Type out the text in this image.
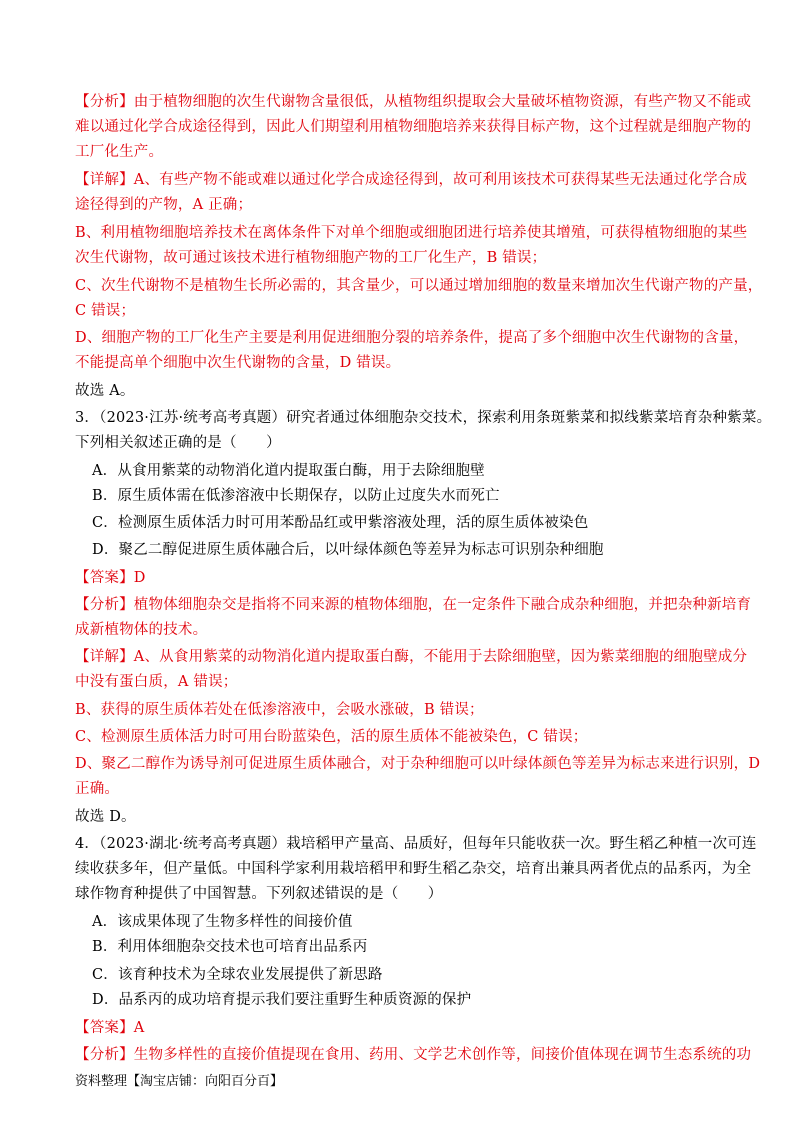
【分析】由于植物细胞的次生代谢物含量很低，从植物组织提取会大量破坏植物资源，有些产物又不能或
难以通过化学合成途径得到，因此人们期望利用植物细胞培养来获得目标产物，这个过程就是细胞产物的
工厂化生产。
【详解】A、有些产物不能或难以通过化学合成途径得到，故可利用该技术可获得某些无法通过化学合成
途径得到的产物，A 正确；
B、利用植物细胞培养技术在离体条件下对单个细胞或细胞团进行培养使其增殖，可获得植物细胞的某些
次生代谢物，故可通过该技术进行植物细胞产物的工厂化生产，B 错误；
C、次生代谢物不是植物生长所必需的，其含量少，可以通过增加细胞的数量来增加次生代谢产物的产量，
C 错误；
D、细胞产物的工厂化生产主要是利用促进细胞分裂的培养条件，提高了多个细胞中次生代谢物的含量，
不能提高单个细胞中次生代谢物的含量，D 错误。
故选 A。
3．（2023·江苏·统考高考真题）研究者通过体细胞杂交技术，探索利用条斑紫菜和拟线紫菜培育杂种紫菜。
下列相关叙述正确的是（　　）
A．从食用紫菜的动物消化道内提取蛋白酶，用于去除细胞壁
B．原生质体需在低渗溶液中长期保存，以防止过度失水而死亡
C．检测原生质体活力时可用苯酚品红或甲紫溶液处理，活的原生质体被染色
D．聚乙二醇促进原生质体融合后，以叶绿体颜色等差异为标志可识别杂种细胞
【答案】D
【分析】植物体细胞杂交是指将不同来源的植物体细胞，在一定条件下融合成杂种细胞，并把杂种新培育
成新植物体的技术。
【详解】A、从食用紫菜的动物消化道内提取蛋白酶，不能用于去除细胞壁，因为紫菜细胞的细胞壁成分
中没有蛋白质，A 错误；
B、获得的原生质体若处在低渗溶液中，会吸水涨破，B 错误；
C、检测原生质体活力时可用台盼蓝染色，活的原生质体不能被染色，C 错误；
D、聚乙二醇作为诱导剂可促进原生质体融合，对于杂种细胞可以叶绿体颜色等差异为标志来进行识别，D
正确。
故选 D。
4．（2023·湖北·统考高考真题）栽培稻甲产量高、品质好，但每年只能收获一次。野生稻乙种植一次可连
续收获多年，但产量低。中国科学家利用栽培稻甲和野生稻乙杂交，培育出兼具两者优点的品系丙，为全
球作物育种提供了中国智慧。下列叙述错误的是（　　）
A．该成果体现了生物多样性的间接价值
B．利用体细胞杂交技术也可培育出品系丙
C．该育种技术为全球农业发展提供了新思路
D．品系丙的成功培育提示我们要注重野生种质资源的保护
【答案】A
【分析】生物多样性的直接价值提现在食用、药用、文学艺术创作等，间接价值体现在调节生态系统的功
资料整理【淘宝店铺：向阳百分百】
